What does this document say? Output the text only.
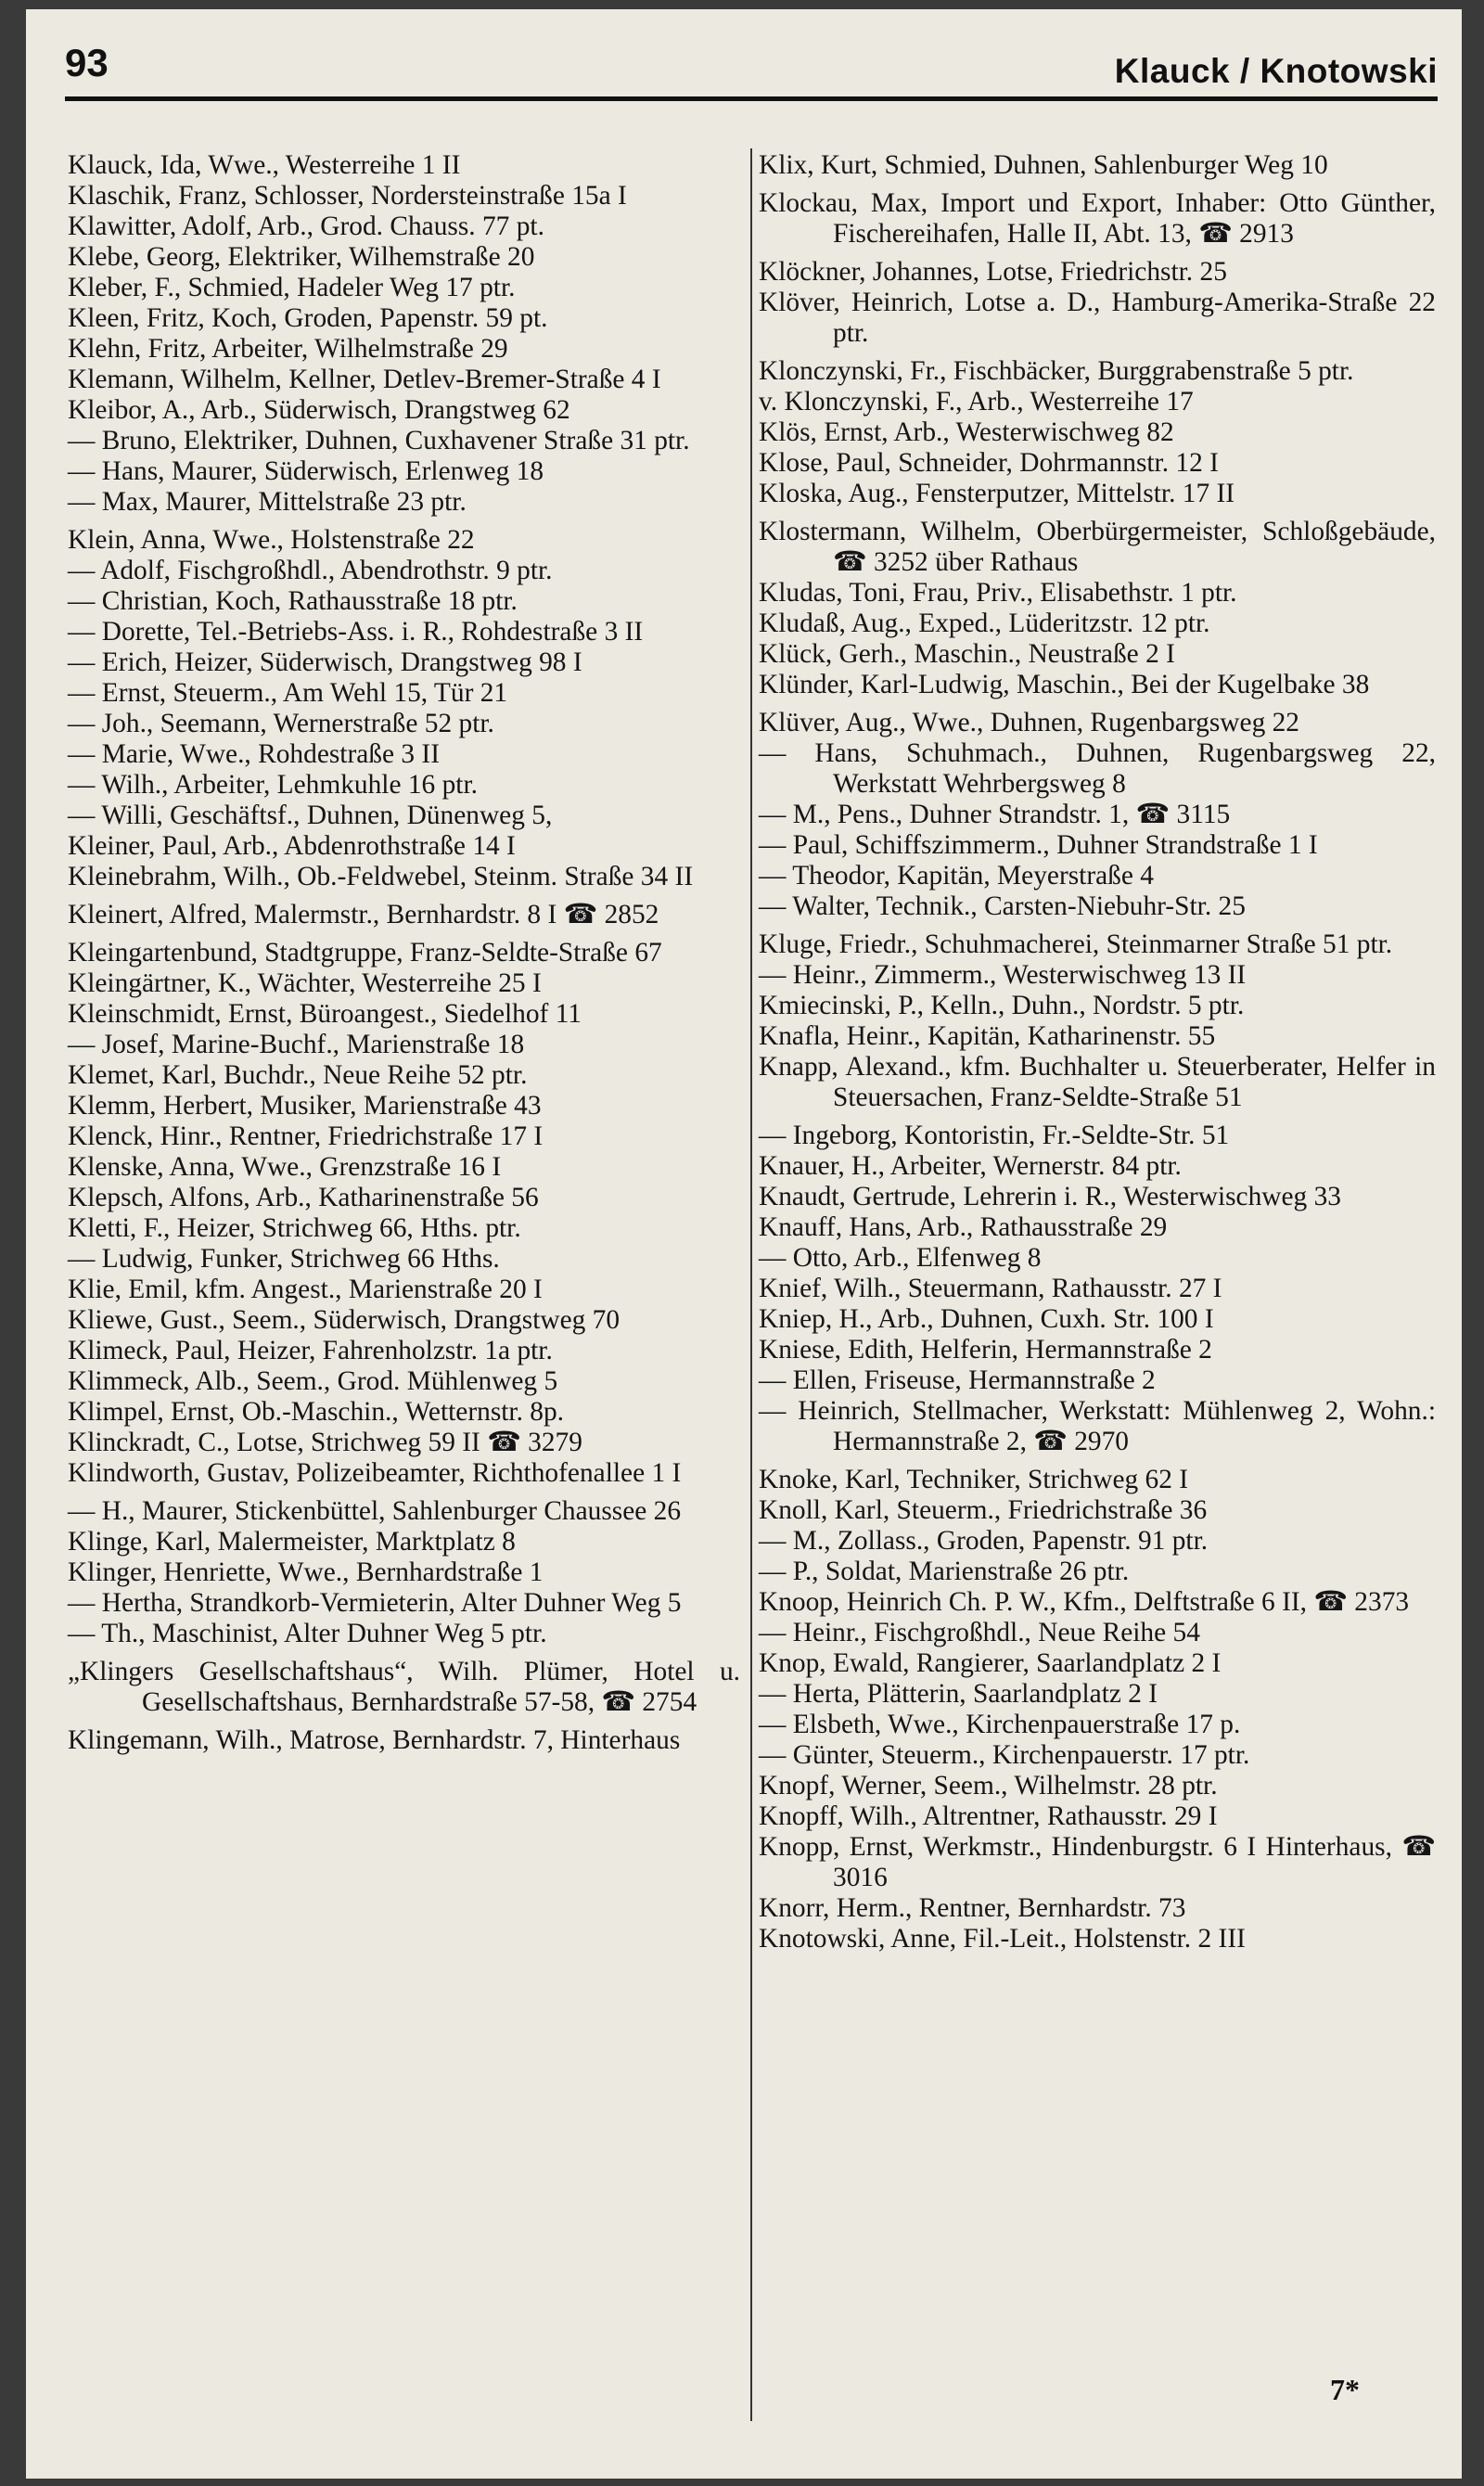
93	Klauck / Knotowski

Klauck, Ida, Wwe., Westerreihe 1 II

Klaschik, Franz, Schlosser, Nordersteinstraße 15a I

Klawitter, Adolf, Arb., Grod. Chauss. 77 pt.

Klebe, Georg, Elektriker, Wilhemstraße 20

Kleber, F., Schmied, Hadeler Weg 17 ptr.

Kleen, Fritz, Koch, Groden, Papenstr. 59 pt.

Klehn, Fritz, Arbeiter, Wilhelmstraße 29

Klemann, Wilhelm, Kellner, Detlev-Bremer-Straße 4 I

Kleibor, A., Arb., Süderwisch, Drangstweg 62

— Bruno, Elektriker, Duhnen, Cuxhavener Straße 31 ptr.

— Hans, Maurer, Süderwisch, Erlenweg 18

— Max, Maurer, Mittelstraße 23 ptr.

Klein, Anna, Wwe., Holstenstraße 22

— Adolf, Fischgroßhdl., Abendrothstr. 9 ptr.

— Christian, Koch, Rathausstraße 18 ptr.

— Dorette, Tel.-Betriebs-Ass. i. R., Rohdestraße 3 II

— Erich, Heizer, Süderwisch, Drangstweg 98 I

— Ernst, Steuerm., Am Wehl 15, Tür 21

— Joh., Seemann, Wernerstraße 52 ptr.

— Marie, Wwe., Rohdestraße 3 II

— Wilh., Arbeiter, Lehmkuhle 16 ptr.

— Willi, Geschäftsf., Duhnen, Dünenweg 5,

Kleiner, Paul, Arb., Abdenrothstraße 14 I

Kleinebrahm, Wilh., Ob.-Feldwebel, Steinm. Straße 34 II

Kleinert, Alfred, Malermstr., Bernhardstr. 8 I ☎ 2852

Kleingartenbund, Stadtgruppe, Franz-Seldte-Straße 67

Kleingärtner, K., Wächter, Westerreihe 25 I

Kleinschmidt, Ernst, Büroangest., Siedelhof 11

— Josef, Marine-Buchf., Marienstraße 18

Klemet, Karl, Buchdr., Neue Reihe 52 ptr.

Klemm, Herbert, Musiker, Marienstraße 43

Klenck, Hinr., Rentner, Friedrichstraße 17 I

Klenske, Anna, Wwe., Grenzstraße 16 I

Klepsch, Alfons, Arb., Katharinenstraße 56

Kletti, F., Heizer, Strichweg 66, Hths. ptr.

— Ludwig, Funker, Strichweg 66 Hths.

Klie, Emil, kfm. Angest., Marienstraße 20 I

Kliewe, Gust., Seem., Süderwisch, Drangstweg 70

Klimeck, Paul, Heizer, Fahrenholzstr. 1a ptr.

Klimmeck, Alb., Seem., Grod. Mühlenweg 5

Klimpel, Ernst, Ob.-Maschin., Wetternstr. 8p.

Klinckradt, C., Lotse, Strichweg 59 II ☎ 3279

Klindworth, Gustav, Polizeibeamter, Richthofenallee 1 I

— H., Maurer, Stickenbüttel, Sahlenburger Chaussee 26

Klinge, Karl, Malermeister, Marktplatz 8

Klinger, Henriette, Wwe., Bernhardstraße 1

— Hertha, Strandkorb-Vermieterin, Alter Duhner Weg 5

— Th., Maschinist, Alter Duhner Weg 5 ptr.

„Klingers Gesellschaftshaus“, Wilh. Plümer, Hotel u. Gesellschaftshaus, Bernhardstraße 57-58, ☎ 2754

Klingemann, Wilh., Matrose, Bernhardstr. 7, Hinterhaus

Klix, Kurt, Schmied, Duhnen, Sahlenburger Weg 10

Klockau, Max, Import und Export, Inhaber: Otto Günther, Fischereihafen, Halle II, Abt. 13, ☎ 2913

Klöckner, Johannes, Lotse, Friedrichstr. 25

Klöver, Heinrich, Lotse a. D., Hamburg-Amerika-Straße 22 ptr.

Klonczynski, Fr., Fischbäcker, Burggrabenstraße 5 ptr.

v. Klonczynski, F., Arb., Westerreihe 17

Klös, Ernst, Arb., Westerwischweg 82

Klose, Paul, Schneider, Dohrmannstr. 12 I

Kloska, Aug., Fensterputzer, Mittelstr. 17 II

Klostermann, Wilhelm, Oberbürgermeister, Schloßgebäude, ☎ 3252 über Rathaus

Kludas, Toni, Frau, Priv., Elisabethstr. 1 ptr.

Kludaß, Aug., Exped., Lüderitzstr. 12 ptr.

Klück, Gerh., Maschin., Neustraße 2 I

Klünder, Karl-Ludwig, Maschin., Bei der Kugelbake 38

Klüver, Aug., Wwe., Duhnen, Rugenbargsweg 22

— Hans, Schuhmach., Duhnen, Rugenbargsweg 22, Werkstatt Wehrbergsweg 8

— M., Pens., Duhner Strandstr. 1, ☎ 3115

— Paul, Schiffszimmerm., Duhner Strandstraße 1 I

— Theodor, Kapitän, Meyerstraße 4

— Walter, Technik., Carsten-Niebuhr-Str. 25

Kluge, Friedr., Schuhmacherei, Steinmarner Straße 51 ptr.

— Heinr., Zimmerm., Westerwischweg 13 II

Kmiecinski, P., Kelln., Duhn., Nordstr. 5 ptr.

Knafla, Heinr., Kapitän, Katharinenstr. 55

Knapp, Alexand., kfm. Buchhalter u. Steuerberater, Helfer in Steuersachen, Franz-Seldte-Straße 51

— Ingeborg, Kontoristin, Fr.-Seldte-Str. 51

Knauer, H., Arbeiter, Wernerstr. 84 ptr.

Knaudt, Gertrude, Lehrerin i. R., Westerwischweg 33

Knauff, Hans, Arb., Rathausstraße 29

— Otto, Arb., Elfenweg 8

Knief, Wilh., Steuermann, Rathausstr. 27 I

Kniep, H., Arb., Duhnen, Cuxh. Str. 100 I

Kniese, Edith, Helferin, Hermannstraße 2

— Ellen, Friseuse, Hermannstraße 2

— Heinrich, Stellmacher, Werkstatt: Mühlenweg 2, Wohn.: Hermannstraße 2, ☎ 2970

Knoke, Karl, Techniker, Strichweg 62 I

Knoll, Karl, Steuerm., Friedrichstraße 36

— M., Zollass., Groden, Papenstr. 91 ptr.

— P., Soldat, Marienstraße 26 ptr.

Knoop, Heinrich Ch. P. W., Kfm., Delftstraße 6 II, ☎ 2373

— Heinr., Fischgroßhdl., Neue Reihe 54

Knop, Ewald, Rangierer, Saarlandplatz 2 I

— Herta, Plätterin, Saarlandplatz 2 I

— Elsbeth, Wwe., Kirchenpauerstraße 17 p.

— Günter, Steuerm., Kirchenpauerstr. 17 ptr.

Knopf, Werner, Seem., Wilhelmstr. 28 ptr.

Knopff, Wilh., Altrentner, Rathausstr. 29 I

Knopp, Ernst, Werkmstr., Hindenburgstr. 6 I Hinterhaus, ☎ 3016

Knorr, Herm., Rentner, Bernhardstr. 73

Knotowski, Anne, Fil.-Leit., Holstenstr. 2 III

7*
